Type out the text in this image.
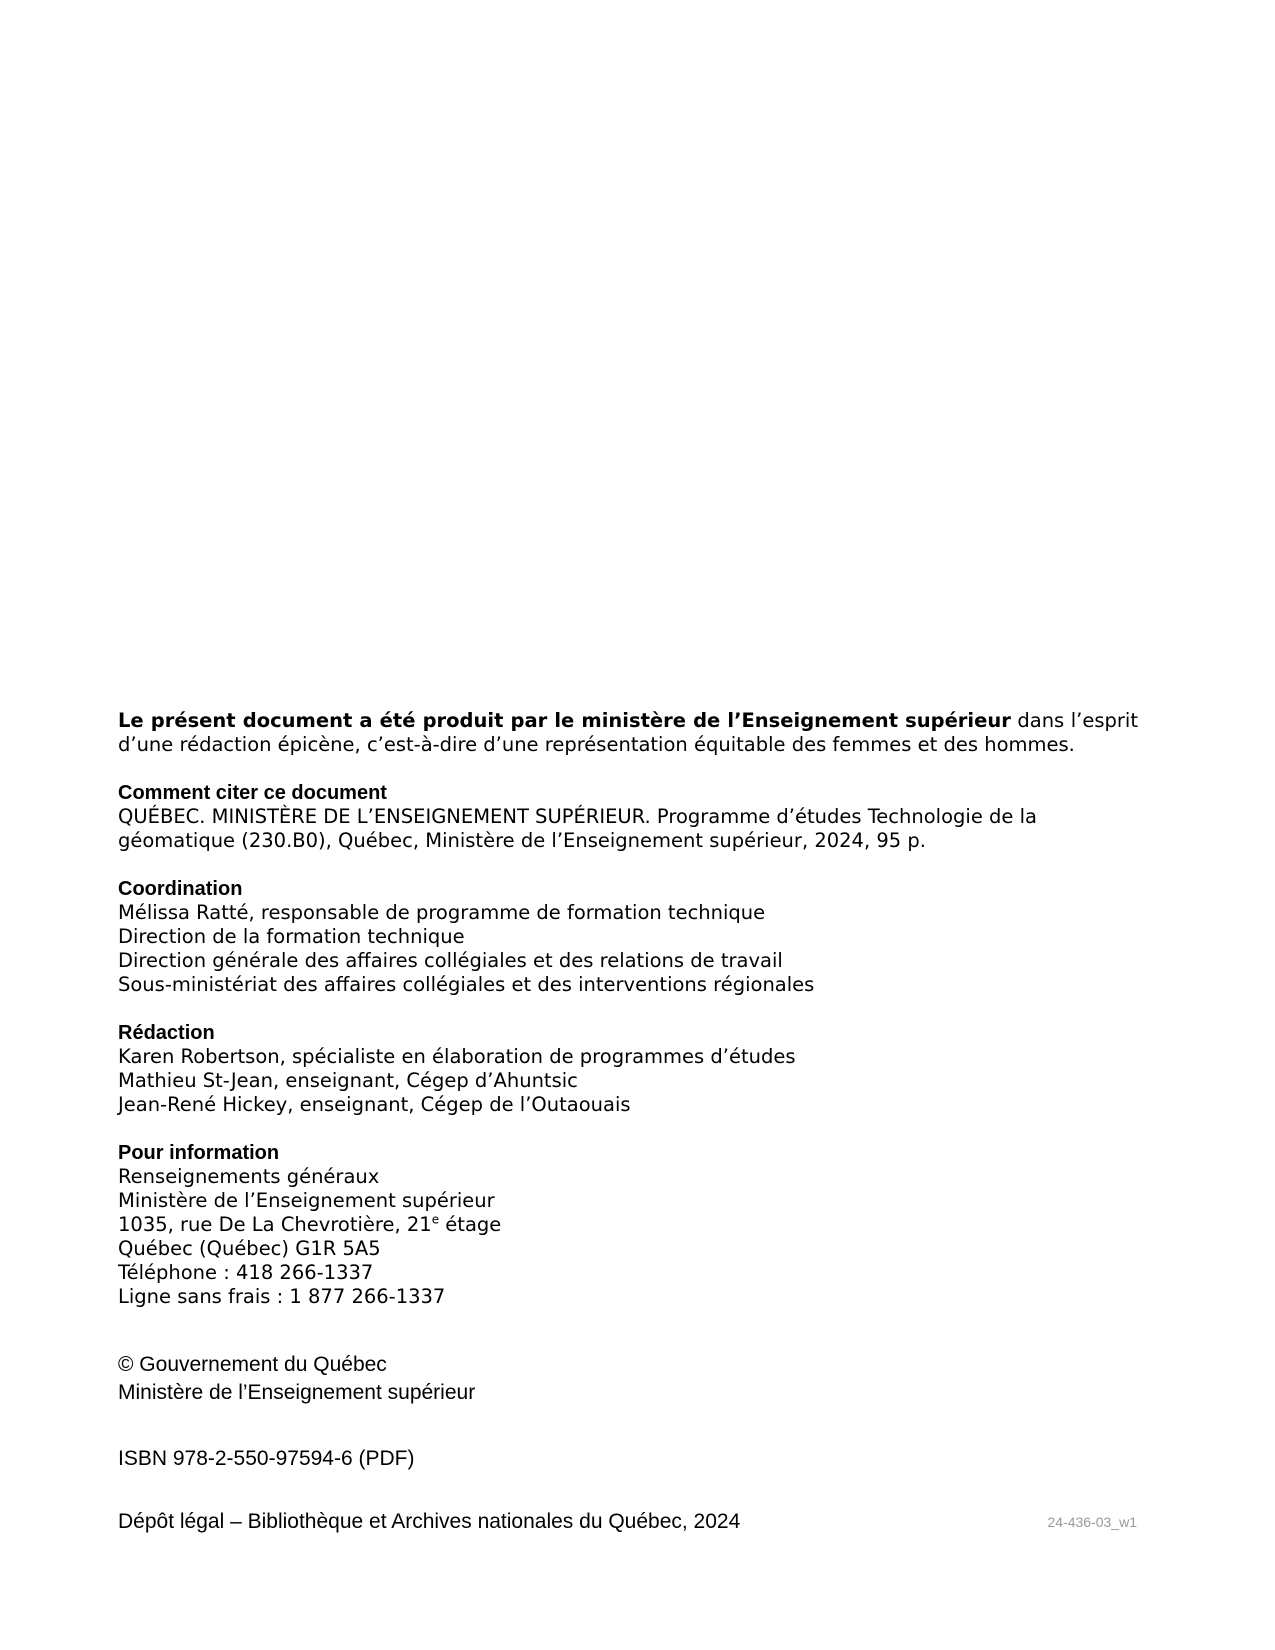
Le présent document a été produit par le ministère de l’Enseignement supérieur dans l’esprit d’une rédaction épicène, c’est-à-dire d’une représentation équitable des femmes et des hommes.

Comment citer ce document

QUÉBEC. MINISTÈRE DE L’ENSEIGNEMENT SUPÉRIEUR. Programme d’études Technologie de la géomatique (230.B0), Québec, Ministère de l’Enseignement supérieur, 2024, 95 p.

Coordination

Mélissa Ratté, responsable de programme de formation technique

Direction de la formation technique

Direction générale des affaires collégiales et des relations de travail

Sous-ministériat des affaires collégiales et des interventions régionales

Rédaction

Karen Robertson, spécialiste en élaboration de programmes d’études

Mathieu St-Jean, enseignant, Cégep d’Ahuntsic

Jean-René Hickey, enseignant, Cégep de l’Outaouais

Pour information

Renseignements généraux

Ministère de l’Enseignement supérieur

1035, rue De La Chevrotière, 21e étage

Québec (Québec) G1R 5A5

Téléphone : 418 266-1337

Ligne sans frais : 1 877 266-1337

© Gouvernement du Québec
Ministère de l’Enseignement supérieur
ISBN 978-2-550-97594-6 (PDF)
Dépôt légal – Bibliothèque et Archives nationales du Québec, 2024	24-436-03_w1
